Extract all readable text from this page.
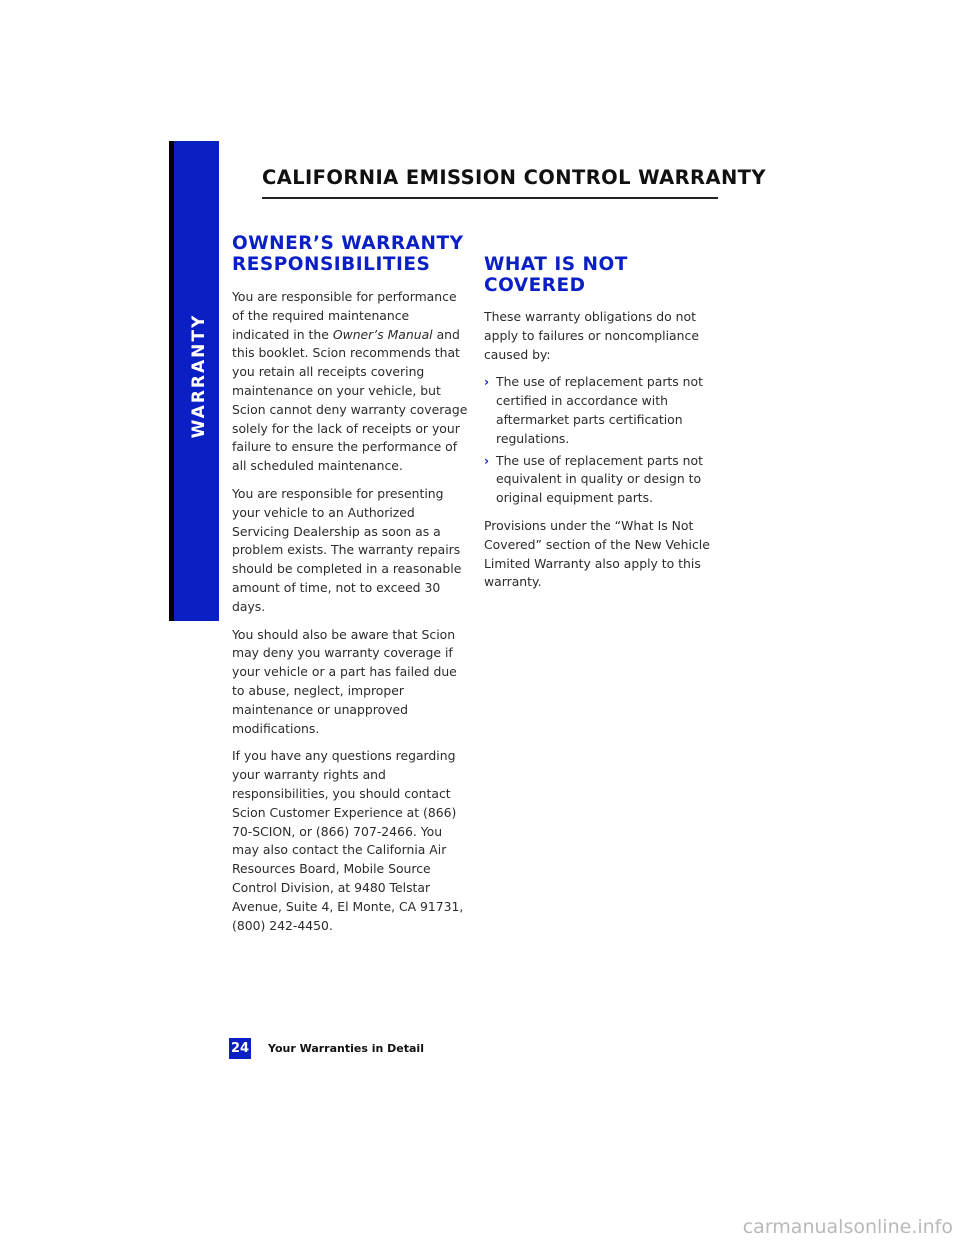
WARRANTY
CALIFORNIA EMISSION CONTROL WARRANTY
OWNER’S WARRANTY
RESPONSIBILITIES

You are responsible for performance of the required maintenance indicated in the Owner’s Manual and this booklet. Scion recommends that you retain all receipts covering maintenance on your vehicle, but Scion cannot deny warranty coverage solely for the lack of receipts or your failure to ensure the performance of all scheduled maintenance.

You are responsible for presenting your vehicle to an Authorized Servicing Dealership as soon as a problem exists. The warranty repairs should be completed in a reasonable amount of time, not to exceed 30 days.

You should also be aware that Scion may deny you warranty coverage if your vehicle or a part has failed due to abuse, neglect, improper maintenance or unapproved modifications.

If you have any questions regarding your warranty rights and responsibilities, you should contact Scion Customer Experience at (866) 70-SCION, or (866) 707-2466. You may also contact the California Air Resources Board, Mobile Source Control Division, at 9480 Telstar Avenue, Suite 4, El Monte, CA 91731, (800) 242-4450.

WHAT IS NOT COVERED

These warranty obligations do not apply to failures or noncompliance caused by:

› The use of replacement parts not certified in accordance with aftermarket parts certification regulations.
› The use of replacement parts not equivalent in quality or design to original equipment parts.

Provisions under the “What Is Not Covered” section of the New Vehicle Limited Warranty also apply to this warranty.

24 Your Warranties in Detail
carmanualsonline.info
